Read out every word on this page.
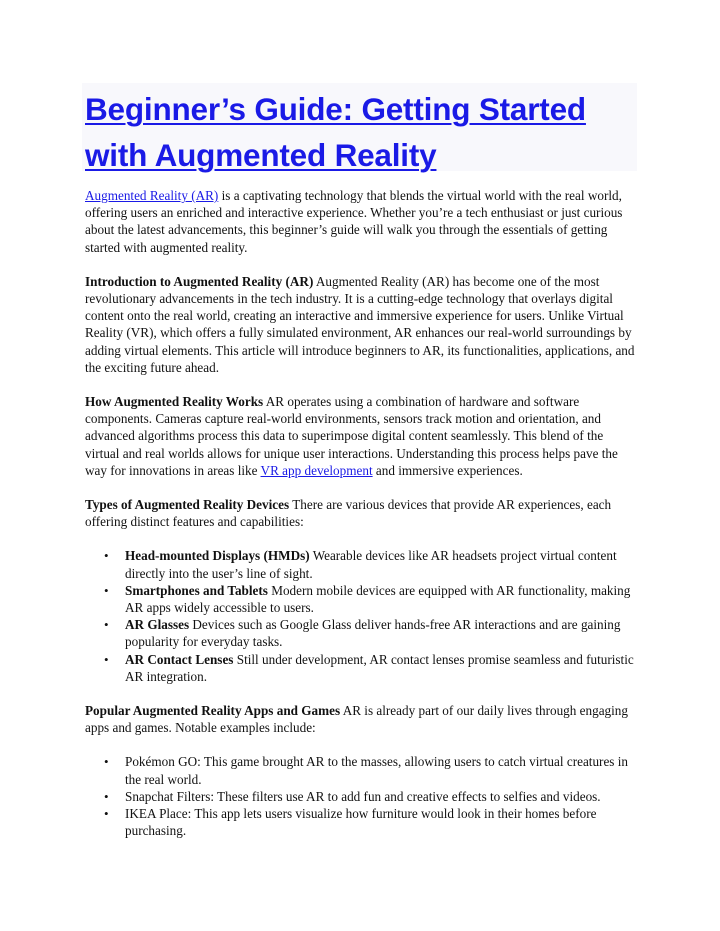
Beginner’s Guide: Getting Started with Augmented Reality

Augmented Reality (AR) is a captivating technology that blends the virtual world with the real world, offering users an enriched and interactive experience. Whether you’re a tech enthusiast or just curious about the latest advancements, this beginner’s guide will walk you through the essentials of getting started with augmented reality.

Introduction to Augmented Reality (AR) Augmented Reality (AR) has become one of the most revolutionary advancements in the tech industry. It is a cutting-edge technology that overlays digital content onto the real world, creating an interactive and immersive experience for users. Unlike Virtual Reality (VR), which offers a fully simulated environment, AR enhances our real-world surroundings by adding virtual elements. This article will introduce beginners to AR, its functionalities, applications, and the exciting future ahead.

How Augmented Reality Works AR operates using a combination of hardware and software components. Cameras capture real-world environments, sensors track motion and orientation, and advanced algorithms process this data to superimpose digital content seamlessly. This blend of the virtual and real worlds allows for unique user interactions. Understanding this process helps pave the way for innovations in areas like VR app development and immersive experiences.

Types of Augmented Reality Devices There are various devices that provide AR experiences, each offering distinct features and capabilities:

• Head-mounted Displays (HMDs) Wearable devices like AR headsets project virtual content directly into the user’s line of sight.
• Smartphones and Tablets Modern mobile devices are equipped with AR functionality, making AR apps widely accessible to users.
• AR Glasses Devices such as Google Glass deliver hands-free AR interactions and are gaining popularity for everyday tasks.
• AR Contact Lenses Still under development, AR contact lenses promise seamless and futuristic AR integration.

Popular Augmented Reality Apps and Games AR is already part of our daily lives through engaging apps and games. Notable examples include:

• Pokémon GO: This game brought AR to the masses, allowing users to catch virtual creatures in the real world.
• Snapchat Filters: These filters use AR to add fun and creative effects to selfies and videos.
• IKEA Place: This app lets users visualize how furniture would look in their homes before purchasing.
